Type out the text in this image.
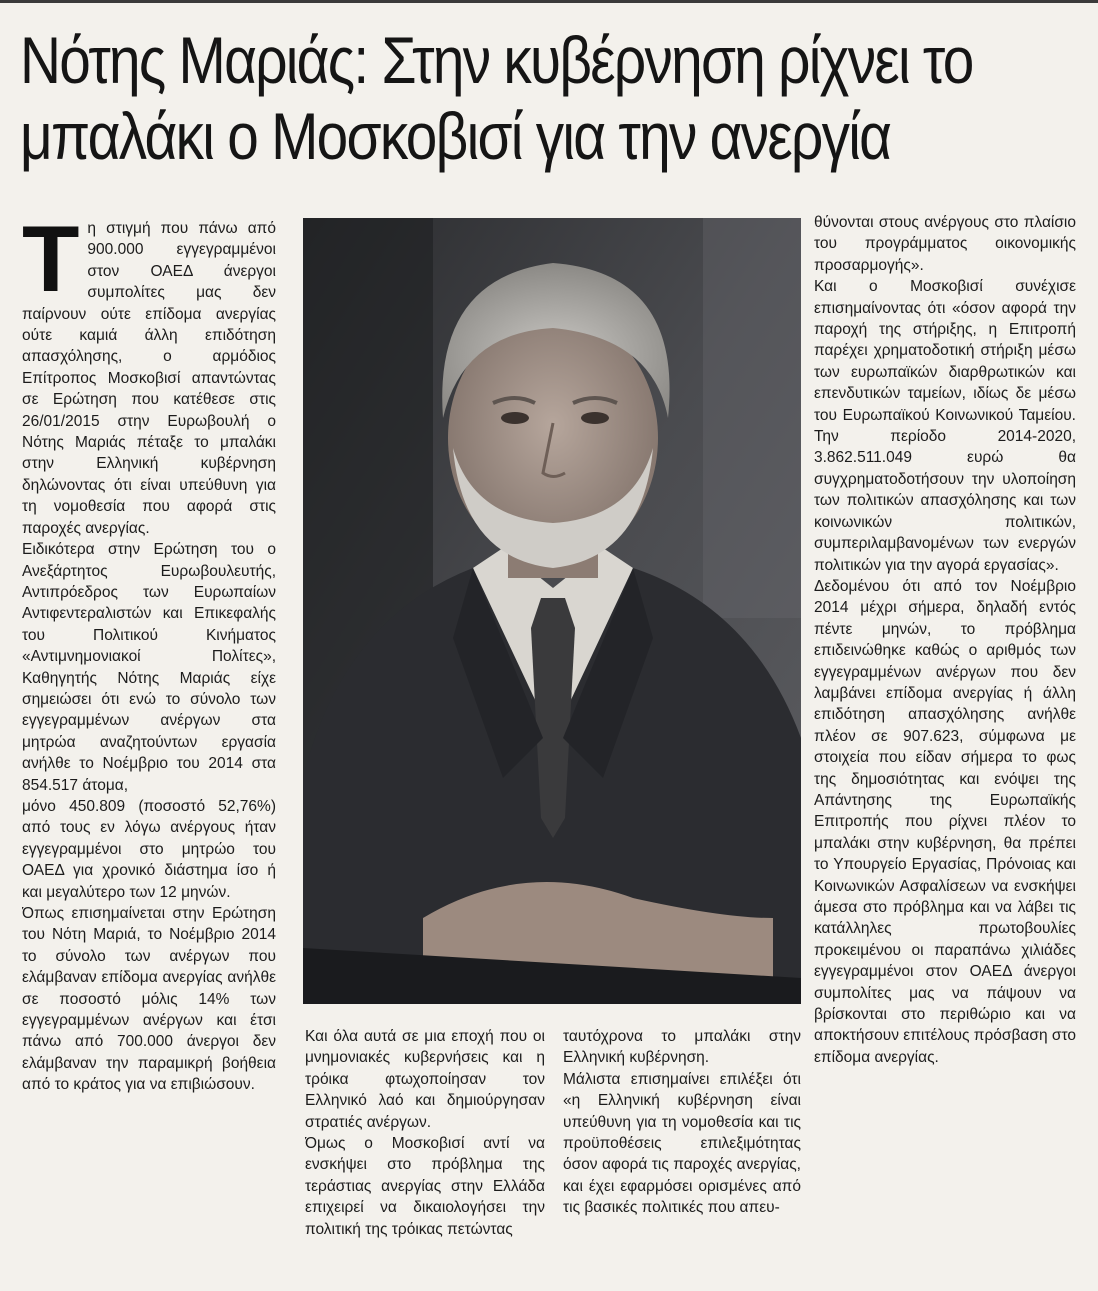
Νότης Μαριάς: Στην κυβέρνηση ρίχνει το
μπαλάκι ο Μοσκοβισί για την ανεργία

Τη στιγμή που πάνω από 900.000 εγγεγραμμένοι στον ΟΑΕΔ άνεργοι συμπολίτες μας δεν παίρνουν ούτε επίδομα ανεργίας ούτε καμιά άλλη επιδότηση απασχόλησης, ο αρμόδιος Επίτροπος Μοσκοβισί απαντώντας σε Ερώτηση που κατέθεσε στις 26/01/2015 στην Ευρωβουλή ο Νότης Μαριάς πέταξε το μπαλάκι στην Ελληνική κυβέρνηση δηλώνοντας ότι είναι υπεύθυνη για τη νομοθεσία που αφορά στις παροχές ανεργίας.

Ειδικότερα στην Ερώτηση του ο Ανεξάρτητος Ευρωβουλευτής, Αντιπρόεδρος των Ευρωπαίων Αντιφεντεραλιστών και Επικεφαλής του Πολιτικού Κινήματος «Αντιμνημονιακοί Πολίτες», Καθηγητής Νότης Μαριάς είχε σημειώσει ότι ενώ το σύνολο των εγγεγραμμένων ανέργων στα μητρώα αναζητούντων εργασία ανήλθε το Νοέμβριο του 2014 στα 854.517 άτομα,

μόνο 450.809 (ποσοστό 52,76%) από τους εν λόγω ανέργους ήταν εγγεγραμμένοι στο μητρώο του ΟΑΕΔ για χρονικό διάστημα ίσο ή και μεγαλύτερο των 12 μηνών.

Όπως επισημαίνεται στην Ερώτηση του Νότη Μαριά, το Νοέμβριο 2014 το σύνολο των ανέργων που ελάμβαναν επίδομα ανεργίας ανήλθε σε ποσοστό μόλις 14% των εγγεγραμμένων ανέργων και έτσι πάνω από 700.000 άνεργοι δεν ελάμβαναν την παραμικρή βοήθεια από το κράτος για να επιβιώσουν.

Και όλα αυτά σε μια εποχή που οι μνημονιακές κυβερνήσεις και η τρόικα φτωχοποίησαν τον Ελληνικό λαό και δημιούργησαν στρατιές ανέργων.

Όμως ο Μοσκοβισί αντί να ενσκήψει στο πρόβλημα της τεράστιας ανεργίας στην Ελλάδα επιχειρεί να δικαιολογήσει την πολιτική της τρόικας πετώντας

ταυτόχρονα το μπαλάκι στην Ελληνική κυβέρνηση.

Μάλιστα επισημαίνει επιλέξει ότι «η Ελληνική κυβέρνηση είναι υπεύθυνη για τη νομοθεσία και τις προϋποθέσεις επιλεξιμότητας όσον αφορά τις παροχές ανεργίας, και έχει εφαρμόσει ορισμένες από τις βασικές πολιτικές που απευ-

θύνονται στους ανέργους στο πλαίσιο του προγράμματος οικονομικής προσαρμογής».

Και ο Μοσκοβισί συνέχισε επισημαίνοντας ότι «όσον αφορά την παροχή της στήριξης, η Επιτροπή παρέχει χρηματοδοτική στήριξη μέσω των ευρωπαϊκών διαρθρωτικών και επενδυτικών ταμείων, ιδίως δε μέσω του Ευρωπαϊκού Κοινωνικού Ταμείου. Την περίοδο 2014-2020, 3.862.511.049 ευρώ θα συγχρηματοδοτήσουν την υλοποίηση των πολιτικών απασχόλησης και των κοινωνικών πολιτικών, συμπεριλαμβανομένων των ενεργών πολιτικών για την αγορά εργασίας».

Δεδομένου ότι από τον Νοέμβριο 2014 μέχρι σήμερα, δηλαδή εντός πέντε μηνών, το πρόβλημα επιδεινώθηκε καθώς ο αριθμός των εγγεγραμμένων ανέργων που δεν λαμβάνει επίδομα ανεργίας ή άλλη επιδότηση απασχόλησης ανήλθε πλέον σε 907.623, σύμφωνα με στοιχεία που είδαν σήμερα το φως της δημοσιότητας και ενόψει της Απάντησης της Ευρωπαϊκής Επιτροπής που ρίχνει πλέον το μπαλάκι στην κυβέρνηση, θα πρέπει το Υπουργείο Εργασίας, Πρόνοιας και Κοινωνικών Ασφαλίσεων να ενσκήψει άμεσα στο πρόβλημα και να λάβει τις κατάλληλες πρωτοβουλίες προκειμένου οι παραπάνω χιλιάδες εγγεγραμμένοι στον ΟΑΕΔ άνεργοι συμπολίτες μας να πάψουν να βρίσκονται στο περιθώριο και να αποκτήσουν επιτέλους πρόσβαση στο επίδομα ανεργίας.
